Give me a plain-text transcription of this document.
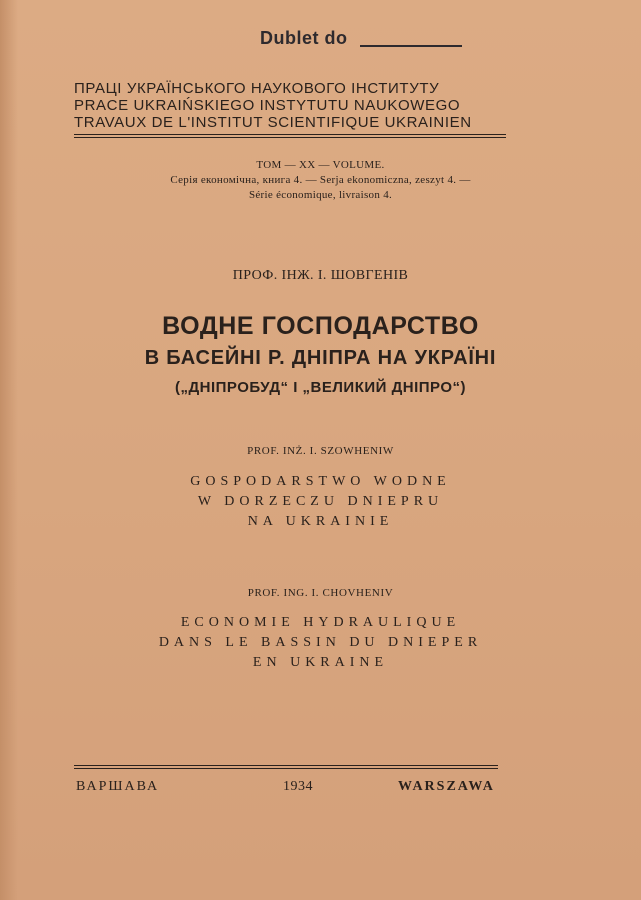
Dublet do
ПРАЦІ УКРАЇНСЬКОГО НАУКОВОГО ІНСТИТУТУ
PRACE UKRAIŃSKIEGO INSTYTUTU NAUKOWEGO
TRAVAUX DE L'INSTITUT SCIENTIFIQUE UKRAINIEN
ТОМ — XX — VOLUME.
Серія економічна, книга 4. — Serja ekonomiczna, zeszyt 4. —
Série économique, livraison 4.
ПРОФ. ІНЖ. І. ШОВГЕНІВ
ВОДНЕ ГОСПОДАРСТВО
В БАСЕЙНІ Р. ДНІПРА НА УКРАЇНІ
(„ДНІПРОБУД“ І „ВЕЛИКИЙ ДНІПРО“)
PROF. INŻ. I. SZOWHENIW
GOSPODARSTWO WODNE
W DORZECZU DNIEPRU
NA UKRAINIE
PROF. ING. I. CHOVHENIV
ECONOMIE HYDRAULIQUE
DANS LE BASSIN DU DNIEPER
EN UKRAINE
ВАРШАВА	1934	WARSZAWA
